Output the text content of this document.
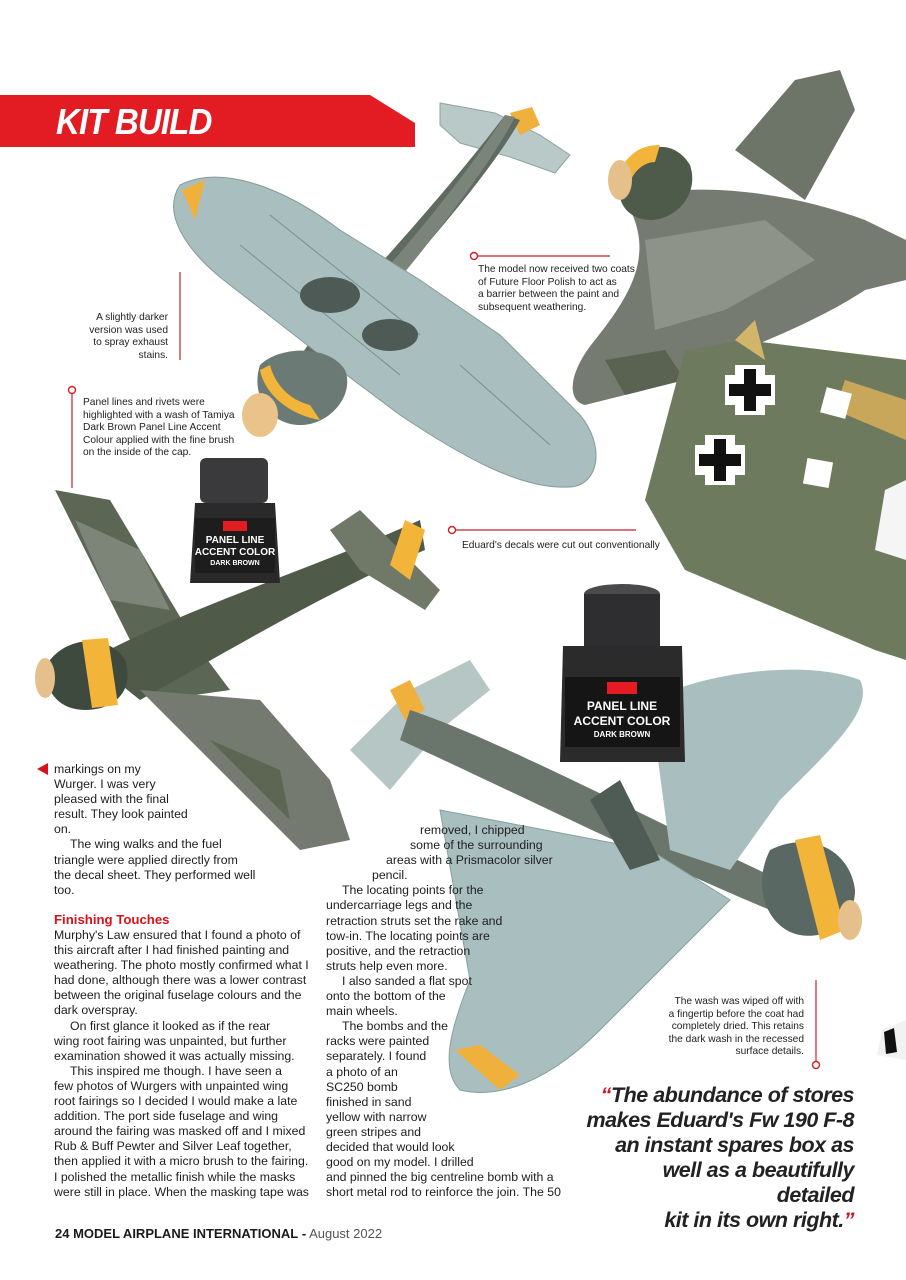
KIT BUILD
PANEL LINE
ACCENT COLOR
DARK BROWN
PANEL LINE
ACCENT COLOR
DARK BROWN
A slightly darker
version was used
to spray exhaust
stains.
Panel lines and rivets were
highlighted with a wash of Tamiya
Dark Brown Panel Line Accent
Colour applied with the fine brush
on the inside of the cap.
The model now received two coats
of Future Floor Polish to act as
a barrier between the paint and
subsequent weathering.
Eduard's decals were cut out conventionally
The wash was wiped off with
a fingertip before the coat had
completely dried. This retains
the dark wash in the recessed
surface details.

markings on my

Wurger. I was very

pleased with the final

result. They look painted

on.

The wing walks and the fuel

triangle were applied directly from

the decal sheet. They performed well

too.

Finishing Touches

Murphy's Law ensured that I found a photo of

this aircraft after I had finished painting and

weathering. The photo mostly confirmed what I

had done, although there was a lower contrast

between the original fuselage colours and the

dark overspray.

On first glance it looked as if the rear

wing root fairing was unpainted, but further

examination showed it was actually missing.

This inspired me though. I have seen a

few photos of Wurgers with unpainted wing

root fairings so I decided I would make a late

addition. The port side fuselage and wing

around the fairing was masked off and I mixed

Rub & Buff Pewter and Silver Leaf together,

then applied it with a micro brush to the fairing.

I polished the metallic finish while the masks

were still in place. When the masking tape was

removed, I chipped

some of the surrounding

areas with a Prismacolor silver

pencil.

The locating points for the

undercarriage legs and the

retraction struts set the rake and

tow-in. The locating points are

positive, and the retraction

struts help even more.

I also sanded a flat spot

onto the bottom of the

main wheels.

The bombs and the

racks were painted

separately. I found

a photo of an

SC250 bomb

finished in sand

yellow with narrow

green stripes and

decided that would look

good on my model. I drilled

and pinned the big centreline bomb with a

short metal rod to reinforce the join. The 50

“The abundance of stores
makes Eduard's Fw 190 F-8
an instant spares box as
well as a beautifully detailed
kit in its own right.”
24 MODEL AIRPLANE INTERNATIONAL - August 2022
